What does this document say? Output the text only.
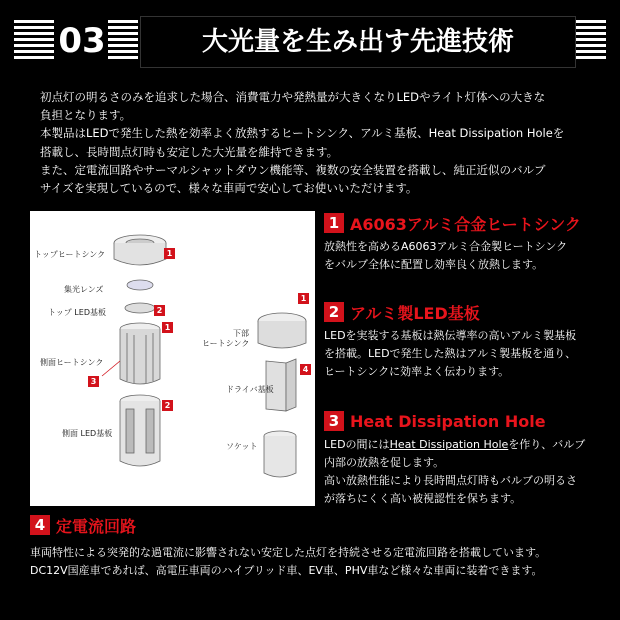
03	大光量を生み出す先進技術

初点灯の明るさのみを追求した場合、消費電力や発熱量が大きくなりLEDやライト灯体への大きな

負担となります。

本製品はLEDで発生した熱を効率よく放熱するヒートシンク、アルミ基板、Heat Dissipation Holeを

搭載し、長時間点灯時も安定した大光量を維持できます。

また、定電流回路やサーマルシャットダウン機能等、複数の安全装置を搭載し、純正近似のバルブ

サイズを実現しているので、様々な車両で安心してお使いいただけます。

トップヒートシンク	1
集光レンズ
トップ LED基板	2
1
側面ヒートシンク
3
2
側面 LED基板
1
下部
ヒートシンク
4
ドライバ基板
ソケット
1 A6063アルミ合金ヒートシンク

放熱性を高めるA6063アルミ合金製ヒートシンク

をバルブ全体に配置し効率良く放熱します。

2 アルミ製LED基板

LEDを実装する基板は熱伝導率の高いアルミ製基板

を搭載。LEDで発生した熱はアルミ製基板を通り、

ヒートシンクに効率よく伝わります。

3 Heat Dissipation Hole

LEDの間にはHeat Dissipation Holeを作り、バルブ

内部の放熱を促します。

高い放熱性能により長時間点灯時もバルブの明るさ

が落ちにくく高い被視認性を保ちます。

4 定電流回路

車両特性による突発的な過電流に影響されない安定した点灯を持続させる定電流回路を搭載しています。

DC12V国産車であれば、高電圧車両のハイブリッド車、EV車、PHV車など様々な車両に装着できます。
